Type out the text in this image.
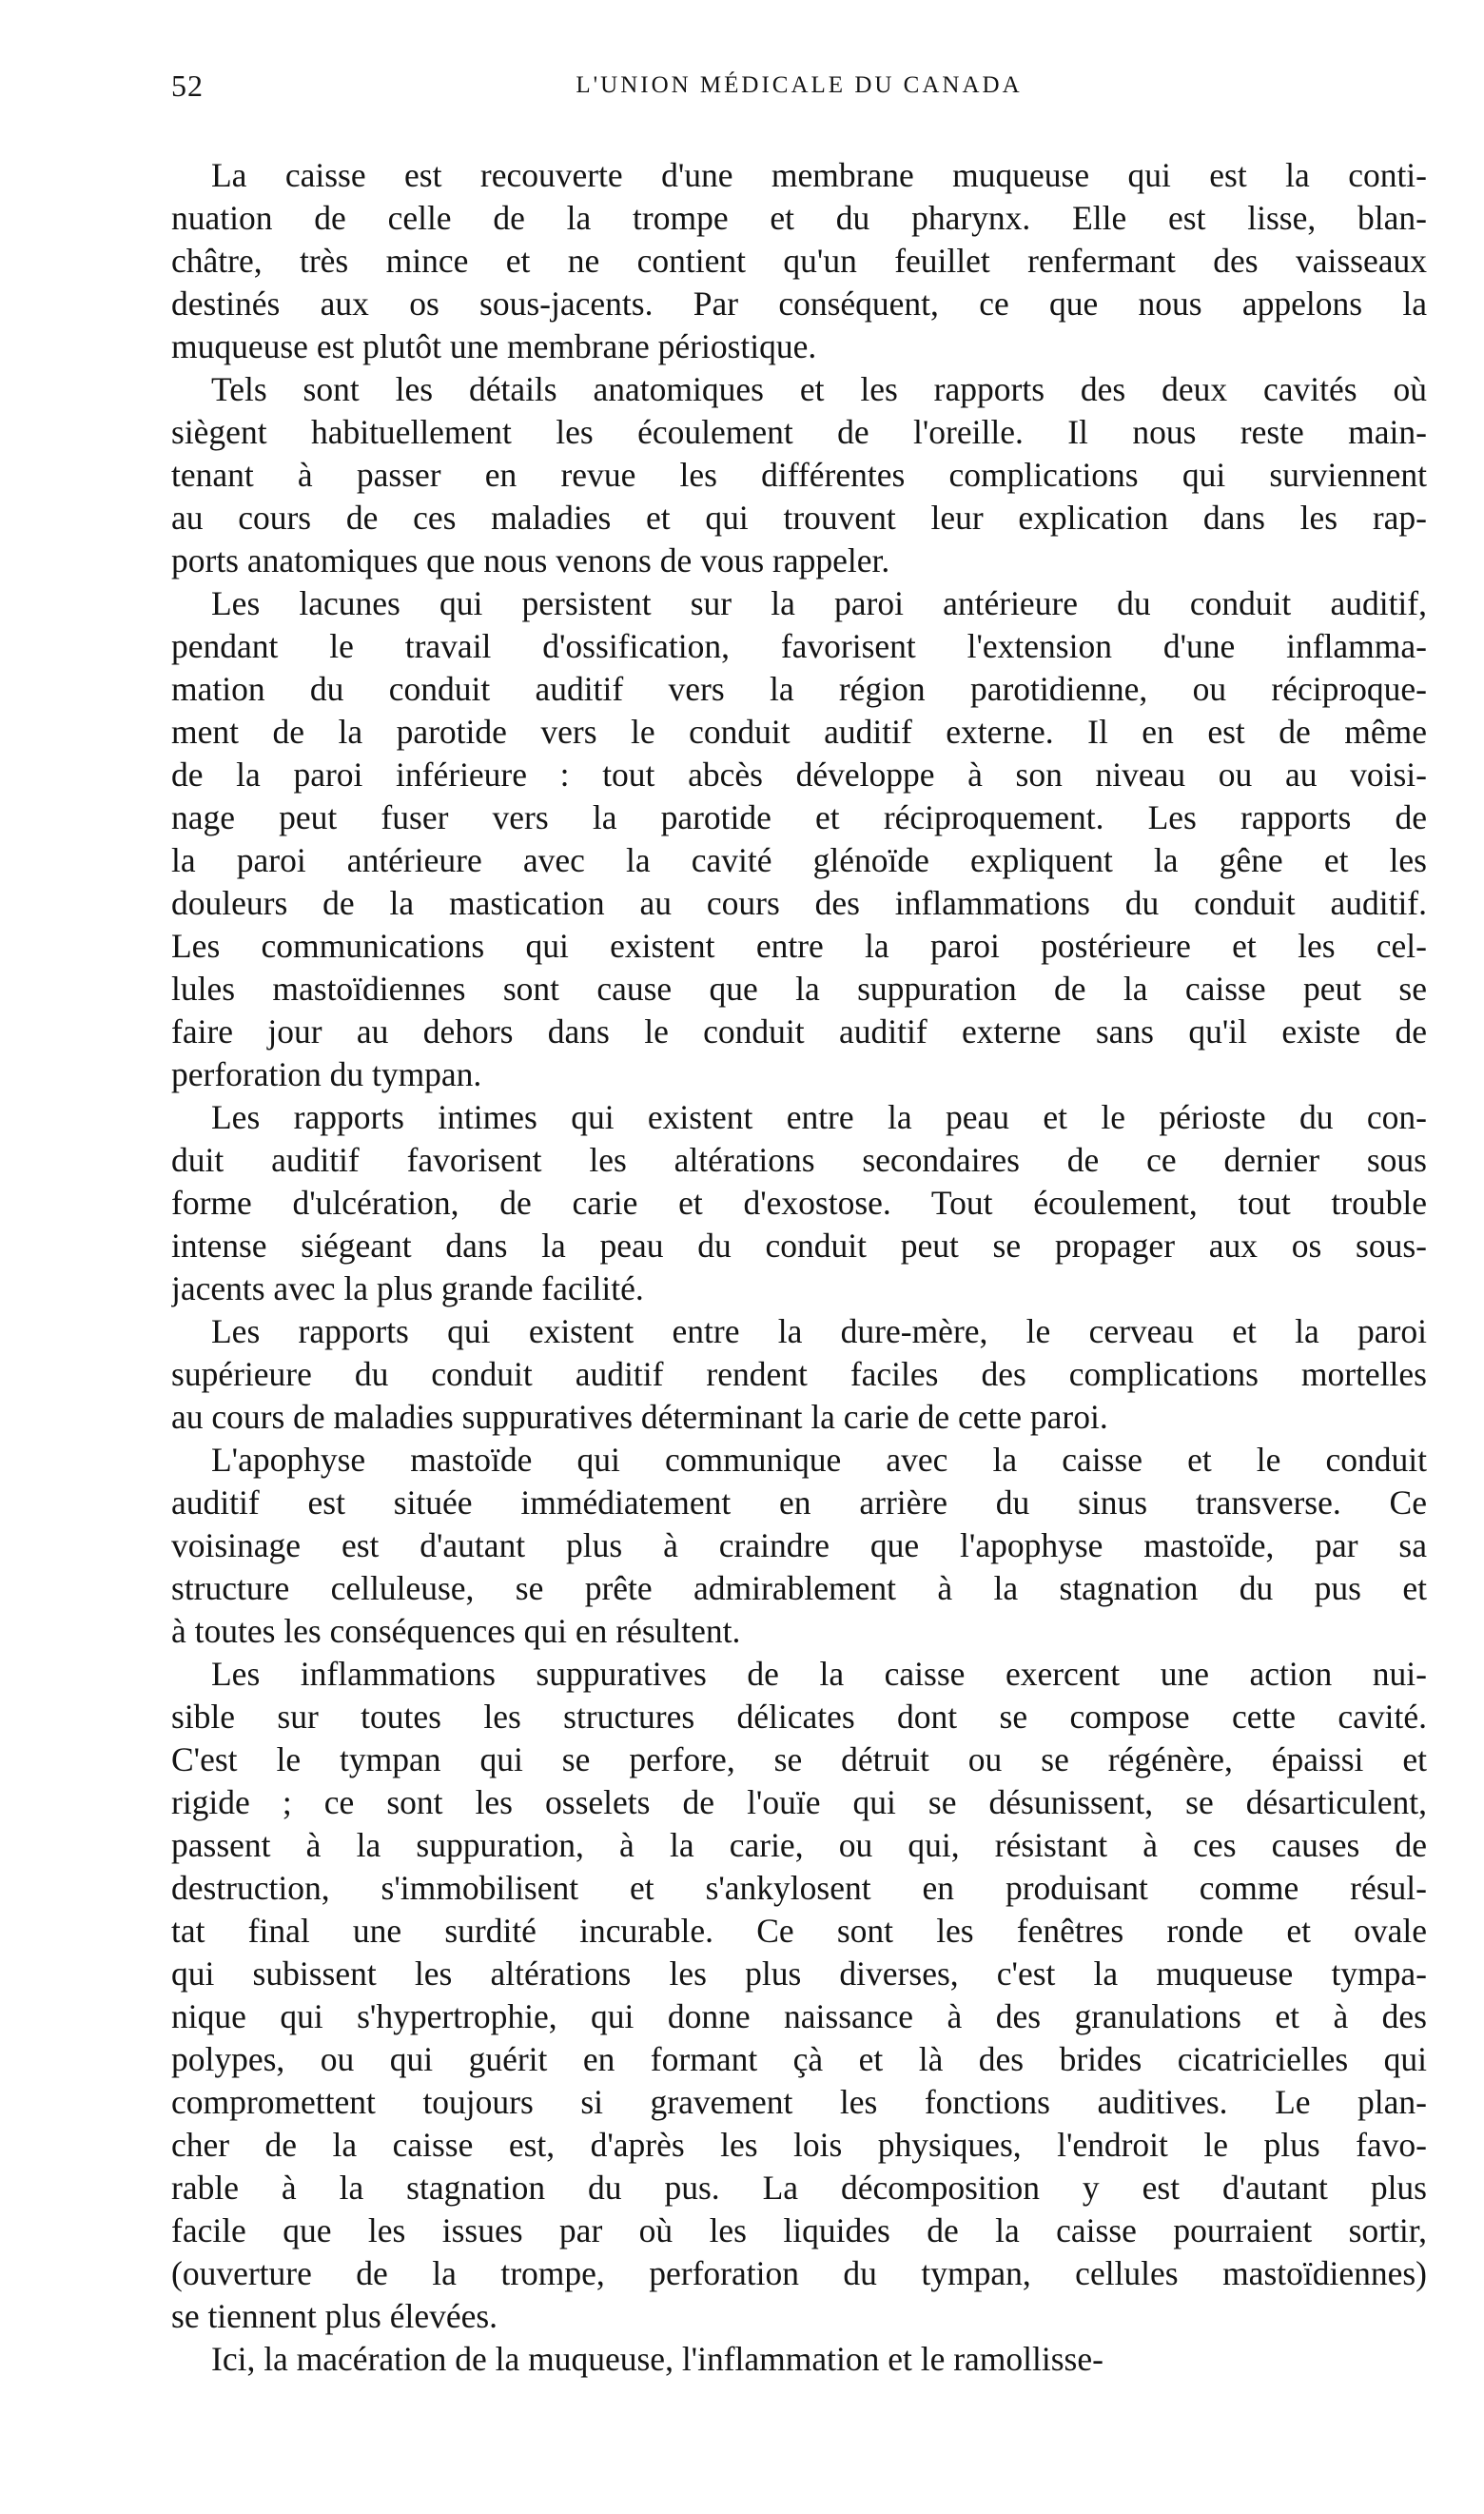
52	L'UNION MÉDICALE DU CANADA
La caisse est recouverte d'une membrane muqueuse qui est la conti-
nuation de celle de la trompe et du pharynx. Elle est lisse, blan-
châtre, très mince et ne contient qu'un feuillet renfermant des vaisseaux
destinés aux os sous-jacents. Par conséquent, ce que nous appelons la
muqueuse est plutôt une membrane périostique.
Tels sont les détails anatomiques et les rapports des deux cavités où
siègent habituellement les écoulement de l'oreille. Il nous reste main-
tenant à passer en revue les différentes complications qui surviennent
au cours de ces maladies et qui trouvent leur explication dans les rap-
ports anatomiques que nous venons de vous rappeler.
Les lacunes qui persistent sur la paroi antérieure du conduit auditif,
pendant le travail d'ossification, favorisent l'extension d'une inflamma-
mation du conduit auditif vers la région parotidienne, ou réciproque-
ment de la parotide vers le conduit auditif externe. Il en est de même
de la paroi inférieure : tout abcès développe à son niveau ou au voisi-
nage peut fuser vers la parotide et réciproquement. Les rapports de
la paroi antérieure avec la cavité glénoïde expliquent la gêne et les
douleurs de la mastication au cours des inflammations du conduit auditif.
Les communications qui existent entre la paroi postérieure et les cel-
lules mastoïdiennes sont cause que la suppuration de la caisse peut se
faire jour au dehors dans le conduit auditif externe sans qu'il existe de
perforation du tympan.
Les rapports intimes qui existent entre la peau et le périoste du con-
duit auditif favorisent les altérations secondaires de ce dernier sous
forme d'ulcération, de carie et d'exostose. Tout écoulement, tout trouble
intense siégeant dans la peau du conduit peut se propager aux os sous-
jacents avec la plus grande facilité.
Les rapports qui existent entre la dure-mère, le cerveau et la paroi
supérieure du conduit auditif rendent faciles des complications mortelles
au cours de maladies suppuratives déterminant la carie de cette paroi.
L'apophyse mastoïde qui communique avec la caisse et le conduit
auditif est située immédiatement en arrière du sinus transverse. Ce
voisinage est d'autant plus à craindre que l'apophyse mastoïde, par sa
structure celluleuse, se prête admirablement à la stagnation du pus et
à toutes les conséquences qui en résultent.
Les inflammations suppuratives de la caisse exercent une action nui-
sible sur toutes les structures délicates dont se compose cette cavité.
C'est le tympan qui se perfore, se détruit ou se régénère, épaissi et
rigide ; ce sont les osselets de l'ouïe qui se désunissent, se désarticulent,
passent à la suppuration, à la carie, ou qui, résistant à ces causes de
destruction, s'immobilisent et s'ankylosent en produisant comme résul-
tat final une surdité incurable. Ce sont les fenêtres ronde et ovale
qui subissent les altérations les plus diverses, c'est la muqueuse tympa-
nique qui s'hypertrophie, qui donne naissance à des granulations et à des
polypes, ou qui guérit en formant çà et là des brides cicatricielles qui
compromettent toujours si gravement les fonctions auditives. Le plan-
cher de la caisse est, d'après les lois physiques, l'endroit le plus favo-
rable à la stagnation du pus. La décomposition y est d'autant plus
facile que les issues par où les liquides de la caisse pourraient sortir,
(ouverture de la trompe, perforation du tympan, cellules mastoïdiennes)
se tiennent plus élevées.
Ici, la macération de la muqueuse, l'inflammation et le ramollisse-
